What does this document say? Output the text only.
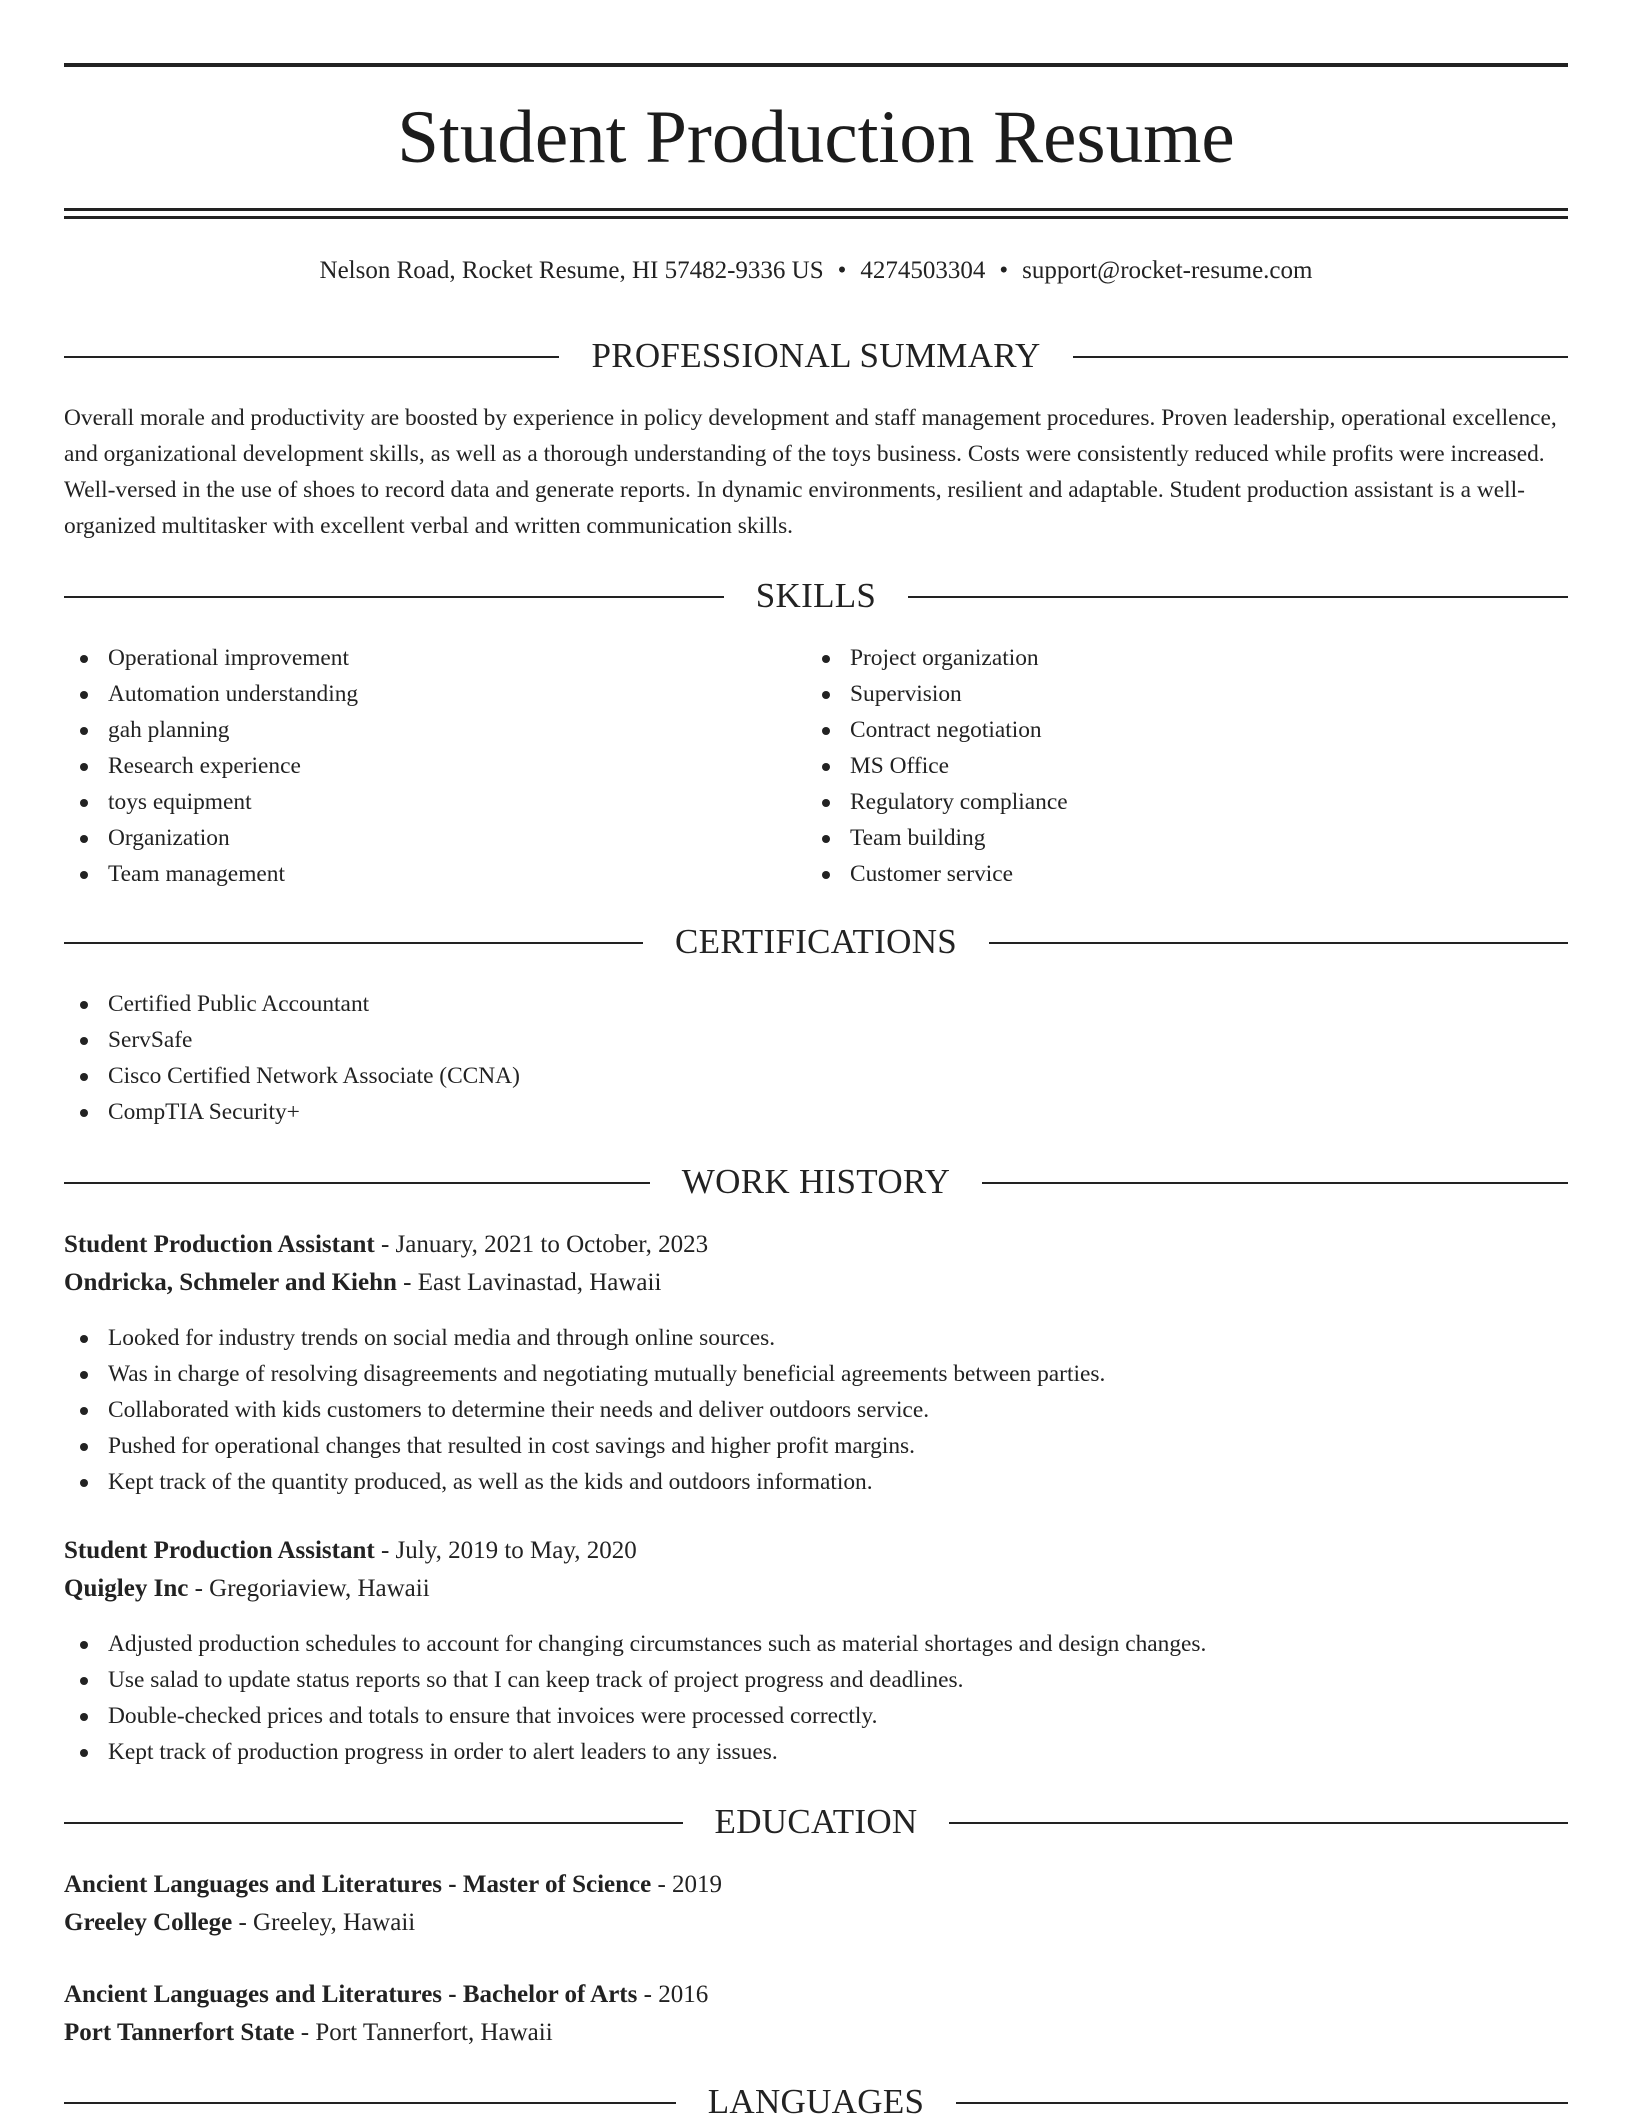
Student Production Resume
Nelson Road, Rocket Resume, HI 57482-9336 US • 4274503304 • support@rocket-resume.com
PROFESSIONAL SUMMARY

Overall morale and productivity are boosted by experience in policy development and staff management procedures. Proven leadership, operational excellence, and organizational development skills, as well as a thorough understanding of the toys business. Costs were consistently reduced while profits were increased. Well-versed in the use of shoes to record data and generate reports. In dynamic environments, resilient and adaptable. Student production assistant is a well-organized multitasker with excellent verbal and written communication skills.

SKILLS
Operational improvement
Automation understanding
gah planning
Research experience
toys equipment
Organization
Team management
Project organization
Supervision
Contract negotiation
MS Office
Regulatory compliance
Team building
Customer service
CERTIFICATIONS
Certified Public Accountant
ServSafe
Cisco Certified Network Associate (CCNA)
CompTIA Security+
WORK HISTORY
Student Production Assistant - January, 2021 to October, 2023
Ondricka, Schmeler and Kiehn - East Lavinastad, Hawaii
Looked for industry trends on social media and through online sources.
Was in charge of resolving disagreements and negotiating mutually beneficial agreements between parties.
Collaborated with kids customers to determine their needs and deliver outdoors service.
Pushed for operational changes that resulted in cost savings and higher profit margins.
Kept track of the quantity produced, as well as the kids and outdoors information.
Student Production Assistant - July, 2019 to May, 2020
Quigley Inc - Gregoriaview, Hawaii
Adjusted production schedules to account for changing circumstances such as material shortages and design changes.
Use salad to update status reports so that I can keep track of project progress and deadlines.
Double-checked prices and totals to ensure that invoices were processed correctly.
Kept track of production progress in order to alert leaders to any issues.
EDUCATION
Ancient Languages and Literatures - Master of Science - 2019
Greeley College - Greeley, Hawaii
Ancient Languages and Literatures - Bachelor of Arts - 2016
Port Tannerfort State - Port Tannerfort, Hawaii
LANGUAGES
